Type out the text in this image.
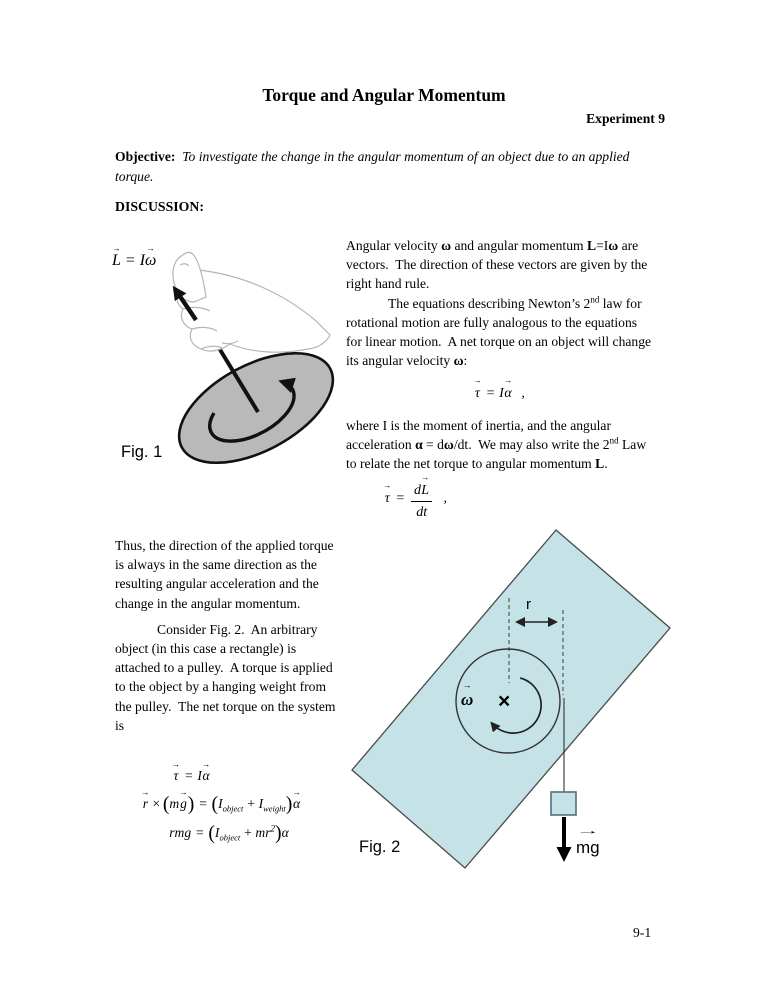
Torque and Angular Momentum
Experiment 9

Objective:  To investigate the change in the angular momentum of an object due to an applied torque.

DISCUSSION:
→
L = I
→
ω
Fig. 1

Angular velocity ω and angular momentum L=Iω are vectors.  The direction of these vectors are given by the right hand rule.

The equations describing Newton’s 2nd law for rotational motion are fully analogous to the equations for linear motion.  A net torque on an object will change its angular velocity ω:

→
τ = I
→
α ,

where I is the moment of inertia, and the angular acceleration α = dω/dt.  We may also write the 2nd Law to relate the net torque to angular momentum L.

→
τ = d
→
L
dt ,

Thus, the direction of the applied torque is always in the same direction as the resulting angular acceleration and the change in the angular momentum.

Consider Fig. 2.  An arbitrary object (in this case a rectangle) is attached to a pulley.  A torque is applied to the object by a hanging weight from the pulley.  The net torque on the system is

→
τ = I
→
α
→
r × (m
→
g ) = $(I_{object} + I_{weight})$
→
α
rmg = $(I_{object} + mr^2)\alpha$
r
→
ω ×
→
mg
Fig. 2
9-1
